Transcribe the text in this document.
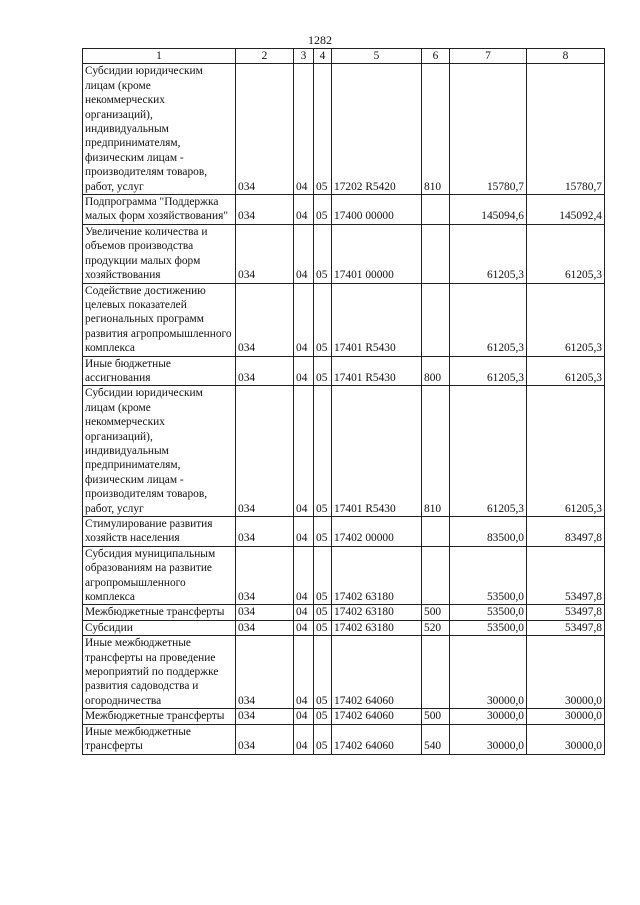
1282
1	2	3	4	5	6	7	8
Субсидии юридическим лицам (кроме некоммерческих организаций), индивидуальным предпринимателям, физическим лицам - производителям товаров, работ, услуг	034	04	05	17202 R5420	810	15780,7	15780,7
Подпрограмма "Поддержка малых форм хозяйствования"	034	04	05	17400 00000		145094,6	145092,4
Увеличение количества и объемов производства продукции малых форм хозяйствования	034	04	05	17401 00000		61205,3	61205,3
Содействие достижению целевых показателей региональных программ развития агропромышленного комплекса	034	04	05	17401 R5430		61205,3	61205,3
Иные бюджетные ассигнования	034	04	05	17401 R5430	800	61205,3	61205,3
Субсидии юридическим лицам (кроме некоммерческих организаций), индивидуальным предпринимателям, физическим лицам - производителям товаров, работ, услуг	034	04	05	17401 R5430	810	61205,3	61205,3
Стимулирование развития хозяйств населения	034	04	05	17402 00000		83500,0	83497,8
Субсидия муниципальным образованиям на развитие агропромышленного комплекса	034	04	05	17402 63180		53500,0	53497,8
Межбюджетные трансферты	034	04	05	17402 63180	500	53500,0	53497,8
Субсидии	034	04	05	17402 63180	520	53500,0	53497,8
Иные межбюджетные трансферты на проведение мероприятий по поддержке развития садоводства и огородничества	034	04	05	17402 64060		30000,0	30000,0
Межбюджетные трансферты	034	04	05	17402 64060	500	30000,0	30000,0
Иные межбюджетные трансферты	034	04	05	17402 64060	540	30000,0	30000,0
